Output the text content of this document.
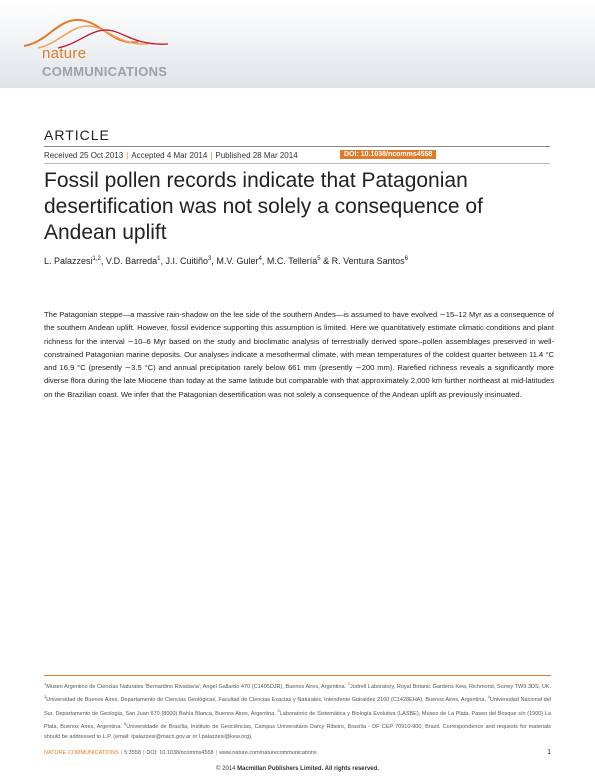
nature
COMMUNICATIONS
ARTICLE
Received 25 Oct 2013 | Accepted 4 Mar 2014 | Published 28 Mar 2014	DOI: 10.1038/ncomms4558
Fossil pollen records indicate that Patagonian desertification was not solely a consequence of Andean uplift
L. Palazzesi$^{1,2}$, V.D. Barreda$^1$, J.I. Cuitiño$^3$, M.V. Guler$^4$, M.C. Tellería$^5$ & R. Ventura Santos$^6$

The Patagonian steppe—a massive rain-shadow on the lee side of the southern Andes—is assumed to have evolved ∼15–12 Myr as a consequence of the southern Andean uplift. However, fossil evidence supporting this assumption is limited. Here we quantitatively estimate climatic conditions and plant richness for the interval ∼10–6 Myr based on the study and bioclimatic analysis of terrestrially derived spore–pollen assemblages preserved in well-constrained Patagonian marine deposits. Our analyses indicate a mesothermal climate, with mean temperatures of the coldest quarter between 11.4 °C and 16.9 °C (presently ∼3.5 °C) and annual precipitation rarely below 661 mm (presently ∼200 mm). Rarefied richness reveals a significantly more diverse flora during the late Miocene than today at the same latitude but comparable with that approximately 2,000 km further northeast at mid-latitudes on the Brazilian coast. We infer that the Patagonian desertification was not solely a consequence of the Andean uplift as previously insinuated.

$^1$Museo Argentino de Ciencias Naturales 'Bernardino Rivadavia', Angel Gallardo 470 (C1405DJR), Buenos Aires, Argentina. $^2$Jodrell Laboratory, Royal Botanic Gardens Kew, Richmond, Surrey TW9 3DS, UK. $^3$Universidad de Buenos Aires, Departamento de Ciencias Geológicas, Facultad de Ciencias Exactas y Naturales, Intendente Güiraldes 2160 (C1428EHA), Buenos Aires, Argentina. $^4$Universidad Nacional del Sur, Departamento de Geología, San Juan 670 (8000) Bahía Blanca, Buenos Aires, Argentina. $^5$Laboratorio de Sistemática y Biología Evolutiva (LASBE), Museo de La Plata, Paseo del Bosque s/n (1900) La Plata, Buenos Aires, Argentina. $^6$Universidade de Brasília, Instituto de Geociências, Campus Universitário Darcy Ribeiro, Brasília - DF CEP 70910-900, Brazil. Correspondence and requests for materials should be addressed to L.P. (email: lpalazzesi@macn.gov.ar or l.palazzesi@kew.org).

NATURE COMMUNICATIONS | 5:3558 | DOI: 10.1038/ncomms4558 | www.nature.com/naturecommunications	1
© 2014 Macmillan Publishers Limited. All rights reserved.
